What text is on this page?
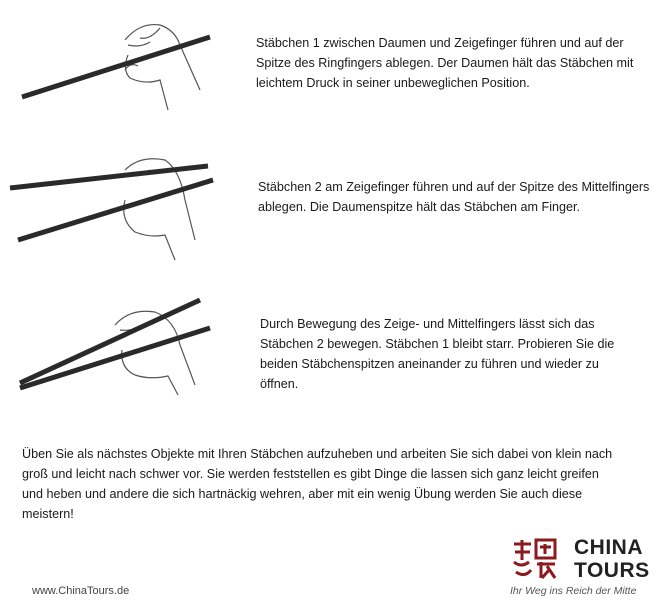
Stäbchen 1 zwischen Daumen und Zeigefinger führen und auf der Spitze des Ringfingers ablegen. Der Daumen hält das Stäbchen mit leichtem Druck in seiner unbeweglichen Position.
Stäbchen 2 am Zeigefinger führen und auf der Spitze des Mittelfingers ablegen. Die Daumenspitze hält das Stäbchen am Finger.
Durch Bewegung des Zeige- und Mittelfingers lässt sich das Stäbchen 2 bewegen. Stäbchen 1 bleibt starr. Probieren Sie die beiden Stäbchenspitzen aneinander zu führen und wieder zu öffnen.
Üben Sie als nächstes Objekte mit Ihren Stäbchen aufzuheben und arbeiten Sie sich dabei von klein nach groß und leicht nach schwer vor. Sie werden feststellen es gibt Dinge die lassen sich ganz leicht greifen und heben und andere die sich hartnäckig wehren, aber mit ein wenig Übung werden Sie auch diese meistern!
www.ChinaTours.de
CHINA
TOURS
Ihr Weg ins Reich der Mitte
